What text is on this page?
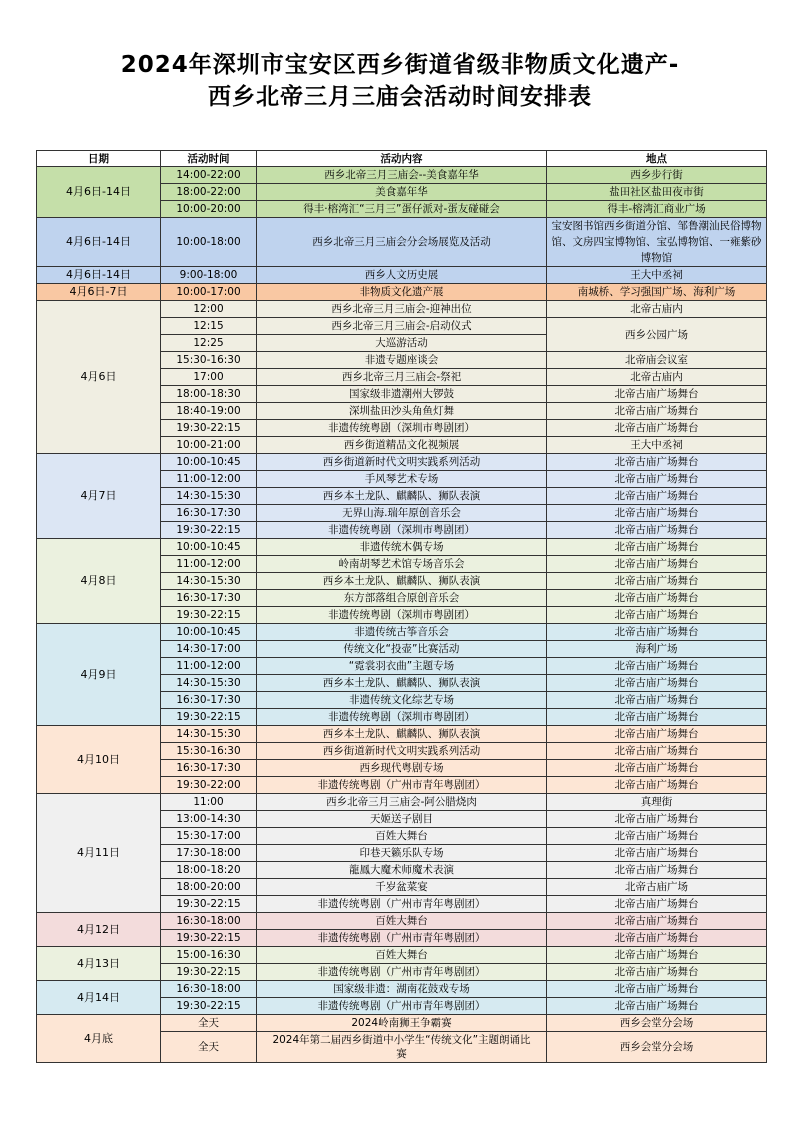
2024年深圳市宝安区西乡街道省级非物质文化遗产-
西乡北帝三月三庙会活动时间安排表
日期	活动时间	活动内容	地点
4月6日-14日	14:00-22:00	西乡北帝三月三庙会--美食嘉年华	西乡步行街
	18:00-22:00	美食嘉年华	盐田社区盐田夜市街
	10:00-20:00	得丰·榕湾汇“三月三”蛋仔派对-蛋友碰碰会	得丰-榕湾汇商业广场
4月6日-14日	10:00-18:00	西乡北帝三月三庙会分会场展览及活动	宝安图书馆西乡街道分馆、邹鲁潮汕民俗博物馆、文房四宝博物馆、宝弘博物馆、一雍紫砂博物馆
4月6日-14日	9:00-18:00	西乡人文历史展	王大中丞祠
4月6日-7日	10:00-17:00	非物质文化遗产展	南城桥、学习强国广场、海利广场
4月6日	12:00	西乡北帝三月三庙会-迎神出位	北帝古庙内
	12:15	西乡北帝三月三庙会-启动仪式	西乡公园广场
	12:25	大巡游活动	
	15:30-16:30	非遗专题座谈会	北帝庙会议室
	17:00	西乡北帝三月三庙会-祭祀	北帝古庙内
	18:00-18:30	国家级非遗潮州大锣鼓	北帝古庙广场舞台
	18:40-19:00	深圳盐田沙头角鱼灯舞	北帝古庙广场舞台
	19:30-22:15	非遗传统粤剧（深圳市粤剧团）	北帝古庙广场舞台
	10:00-21:00	西乡街道精品文化视频展	王大中丞祠
4月7日	10:00-10:45	西乡街道新时代文明实践系列活动	北帝古庙广场舞台
	11:00-12:00	手风琴艺术专场	北帝古庙广场舞台
	14:30-15:30	西乡本土龙队、麒麟队、狮队表演	北帝古庙广场舞台
	16:30-17:30	无界山海.瑞年原创音乐会	北帝古庙广场舞台
	19:30-22:15	非遗传统粤剧（深圳市粤剧团）	北帝古庙广场舞台
4月8日	10:00-10:45	非遗传统木偶专场	北帝古庙广场舞台
	11:00-12:00	岭南胡琴艺术馆专场音乐会	北帝古庙广场舞台
	14:30-15:30	西乡本土龙队、麒麟队、狮队表演	北帝古庙广场舞台
	16:30-17:30	东方部落组合原创音乐会	北帝古庙广场舞台
	19:30-22:15	非遗传统粤剧（深圳市粤剧团）	北帝古庙广场舞台
4月9日	10:00-10:45	非遗传统古筝音乐会	北帝古庙广场舞台
	14:30-17:00	传统文化“投壶”比赛活动	海利广场
	11:00-12:00	“霓裳羽衣曲”主题专场	北帝古庙广场舞台
	14:30-15:30	西乡本土龙队、麒麟队、狮队表演	北帝古庙广场舞台
	16:30-17:30	非遗传统文化综艺专场	北帝古庙广场舞台
	19:30-22:15	非遗传统粤剧（深圳市粤剧团）	北帝古庙广场舞台
4月10日	14:30-15:30	西乡本土龙队、麒麟队、狮队表演	北帝古庙广场舞台
	15:30-16:30	西乡街道新时代文明实践系列活动	北帝古庙广场舞台
	16:30-17:30	西乡现代粤剧专场	北帝古庙广场舞台
	19:30-22:00	非遗传统粤剧（广州市青年粤剧团）	北帝古庙广场舞台
4月11日	11:00	西乡北帝三月三庙会-阿公腊烧肉	真理街
	13:00-14:30	天姬送子剧目	北帝古庙广场舞台
	15:30-17:00	百姓大舞台	北帝古庙广场舞台
	17:30-18:00	印巷天籁乐队专场	北帝古庙广场舞台
	18:00-18:20	龍鳳大魔术师魔术表演	北帝古庙广场舞台
	18:00-20:00	千岁盆菜宴	北帝古庙广场
	19:30-22:15	非遗传统粤剧（广州市青年粤剧团）	北帝古庙广场舞台
4月12日	16:30-18:00	百姓大舞台	北帝古庙广场舞台
	19:30-22:15	非遗传统粤剧（广州市青年粤剧团）	北帝古庙广场舞台
4月13日	15:00-16:30	百姓大舞台	北帝古庙广场舞台
	19:30-22:15	非遗传统粤剧（广州市青年粤剧团）	北帝古庙广场舞台
4月14日	16:30-18:00	国家级非遗：湖南花鼓戏专场	北帝古庙广场舞台
	19:30-22:15	非遗传统粤剧（广州市青年粤剧团）	北帝古庙广场舞台
4月底	全天	2024岭南狮王争霸赛	西乡会堂分会场
	全天	2024年第二届西乡街道中小学生“传统文化”主题朗诵比赛	西乡会堂分会场
